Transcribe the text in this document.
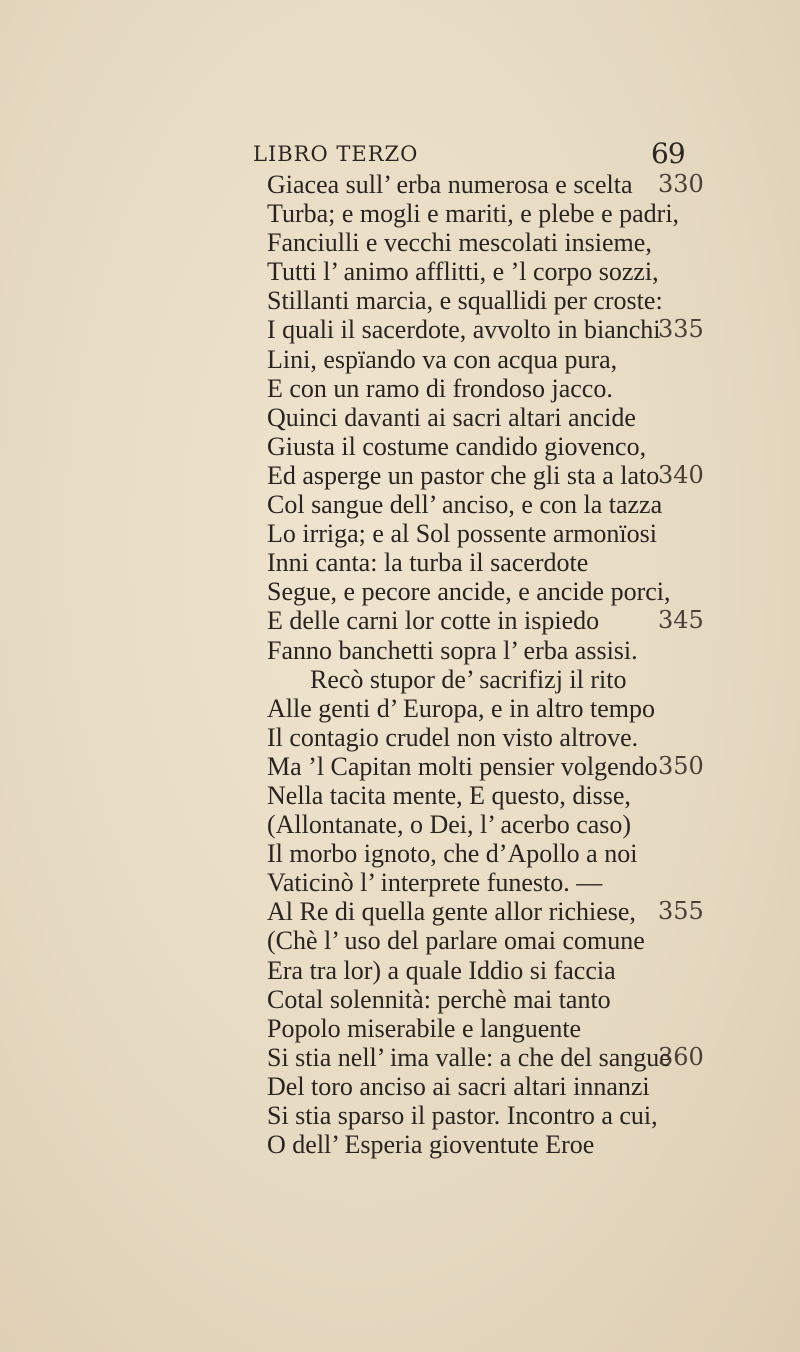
LIBRO TERZO	69
Giacea sull’ erba numerosa e scelta 330
Turba; e mogli e mariti, e plebe e padri,
Fanciulli e vecchi mescolati insieme,
Tutti l’ animo afflitti, e ’l corpo sozzi,
Stillanti marcia, e squallidi per croste:
I quali il sacerdote, avvolto in bianchi
335
Lini, espïando va con acqua pura,
E con un ramo di frondoso jacco.
Quinci davanti ai sacri altari ancide
Giusta il costume candido giovenco,
Ed asperge un pastor che gli sta a lato
340
Col sangue dell’ anciso, e con la tazza
Lo irriga; e al Sol possente armonïosi
Inni canta: la turba il sacerdote
Segue, e pecore ancide, e ancide porci,
E delle carni lor cotte in ispiedo 345
Fanno banchetti sopra l’ erba assisi.
Recò stupor de’ sacrifizj il rito
Alle genti d’ Europa, e in altro tempo
Il contagio crudel non visto altrove.
Ma ’l Capitan molti pensier volgendo 350
Nella tacita mente, E questo, disse,
(Allontanate, o Dei, l’ acerbo caso)
Il morbo ignoto, che d’Apollo a noi
Vaticinò l’ interprete funesto. —
Al Re di quella gente allor richiese, 355
(Chè l’ uso del parlare omai comune
Era tra lor) a quale Iddio si faccia
Cotal solennità: perchè mai tanto
Popolo miserabile e languente
Si stia nell’ ima valle: a che del sangue
360
Del toro anciso ai sacri altari innanzi
Si stia sparso il pastor. Incontro a cui,
O dell’ Esperia gioventute Eroe
